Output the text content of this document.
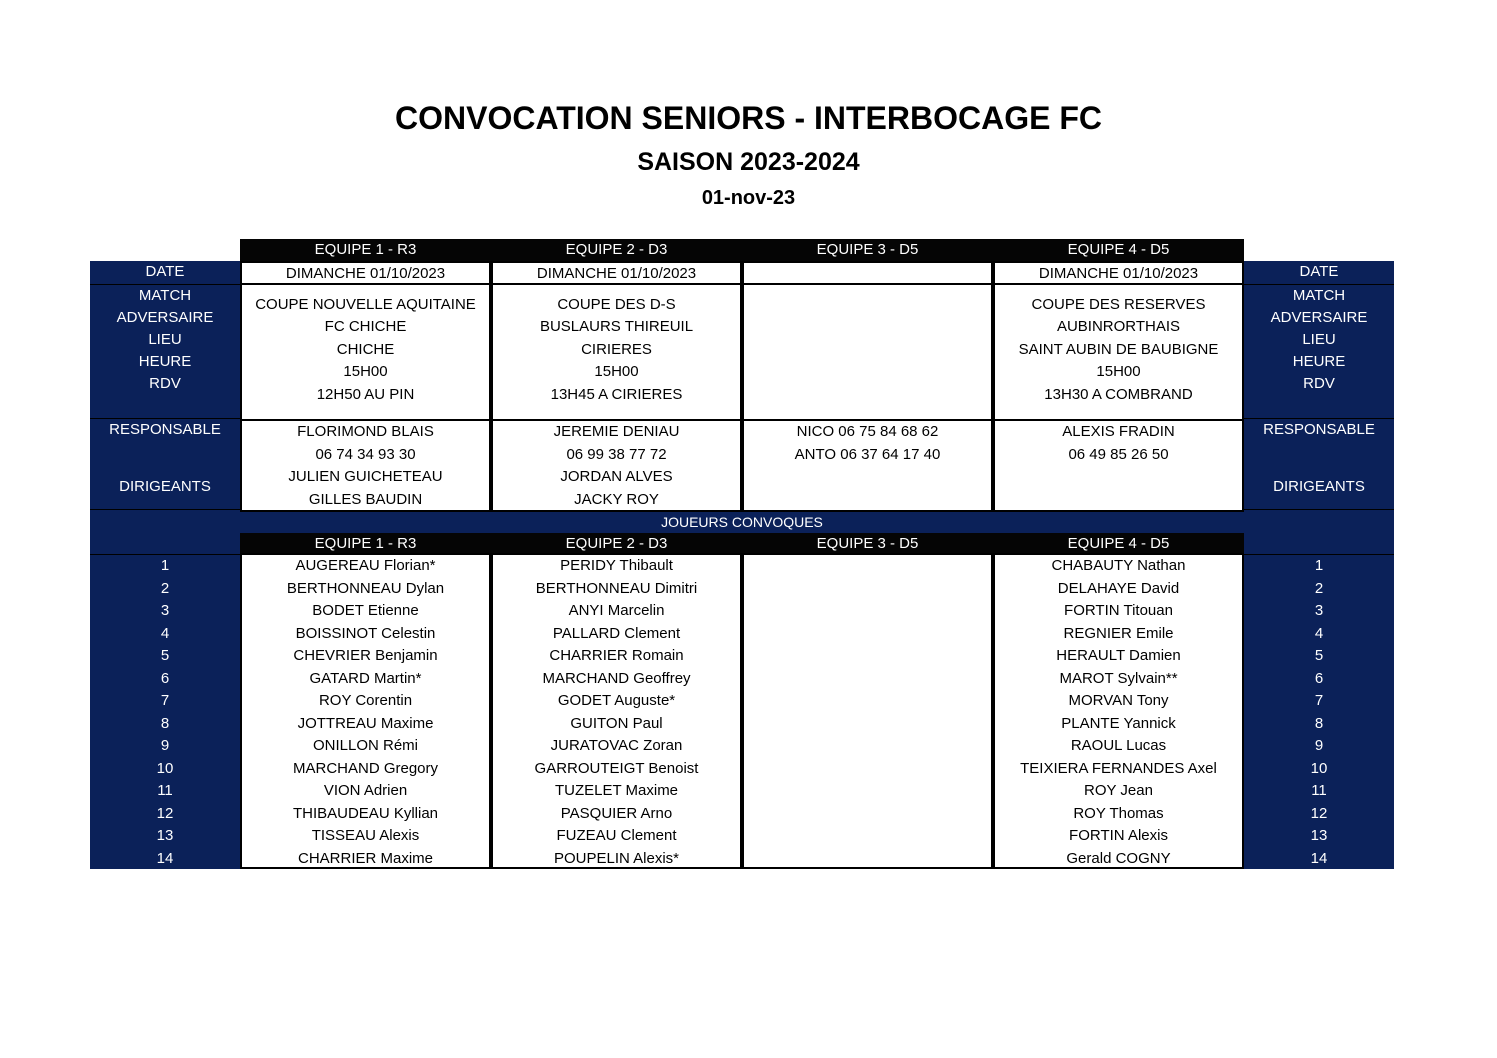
CONVOCATION SENIORS - INTERBOCAGE FC
SAISON 2023-2024
01-nov-23
DATE
MATCH
ADVERSAIRE
LIEU
HEURE
RDV
RESPONSABLE
DIRIGEANTS
1
2
3
4
5
6
7
8
9
10
11
12
13
14
DATE
MATCH
ADVERSAIRE
LIEU
HEURE
RDV
RESPONSABLE
DIRIGEANTS
1
2
3
4
5
6
7
8
9
10
11
12
13
14
JOUEURS CONVOQUES
EQUIPE 1 - R3
DIMANCHE 01/10/2023
COUPE NOUVELLE AQUITAINE
FC CHICHE
CHICHE
15H00
12H50 AU PIN
FLORIMOND BLAIS
06 74 34 93 30
JULIEN GUICHETEAU
GILLES BAUDIN
EQUIPE 1 - R3
AUGEREAU Florian*
BERTHONNEAU Dylan
BODET Etienne
BOISSINOT Celestin
CHEVRIER Benjamin
GATARD Martin*
ROY Corentin
JOTTREAU Maxime
ONILLON Rémi
MARCHAND Gregory
VION Adrien
THIBAUDEAU Kyllian
TISSEAU Alexis
CHARRIER Maxime
EQUIPE 2 - D3
DIMANCHE 01/10/2023
COUPE DES D-S
BUSLAURS THIREUIL
CIRIERES
15H00
13H45 A CIRIERES
JEREMIE DENIAU
06 99 38 77 72
JORDAN ALVES
JACKY ROY
EQUIPE 2 - D3
PERIDY Thibault
BERTHONNEAU Dimitri
ANYI Marcelin
PALLARD Clement
CHARRIER Romain
MARCHAND Geoffrey
GODET Auguste*
GUITON Paul
JURATOVAC Zoran
GARROUTEIGT Benoist
TUZELET Maxime
PASQUIER Arno
FUZEAU Clement
POUPELIN Alexis*
EQUIPE 3 - D5
NICO 06 75 84 68 62
ANTO 06 37 64 17 40
EQUIPE 3 - D5
EQUIPE 4 - D5
DIMANCHE 01/10/2023
COUPE DES RESERVES
AUBINRORTHAIS
SAINT AUBIN DE BAUBIGNE
15H00
13H30 A COMBRAND
ALEXIS FRADIN
06 49 85 26 50
EQUIPE 4 - D5
CHABAUTY Nathan
DELAHAYE David
FORTIN Titouan
REGNIER Emile
HERAULT Damien
MAROT Sylvain**
MORVAN Tony
PLANTE Yannick
RAOUL Lucas
TEIXIERA FERNANDES Axel
ROY Jean
ROY Thomas
FORTIN Alexis
Gerald COGNY
